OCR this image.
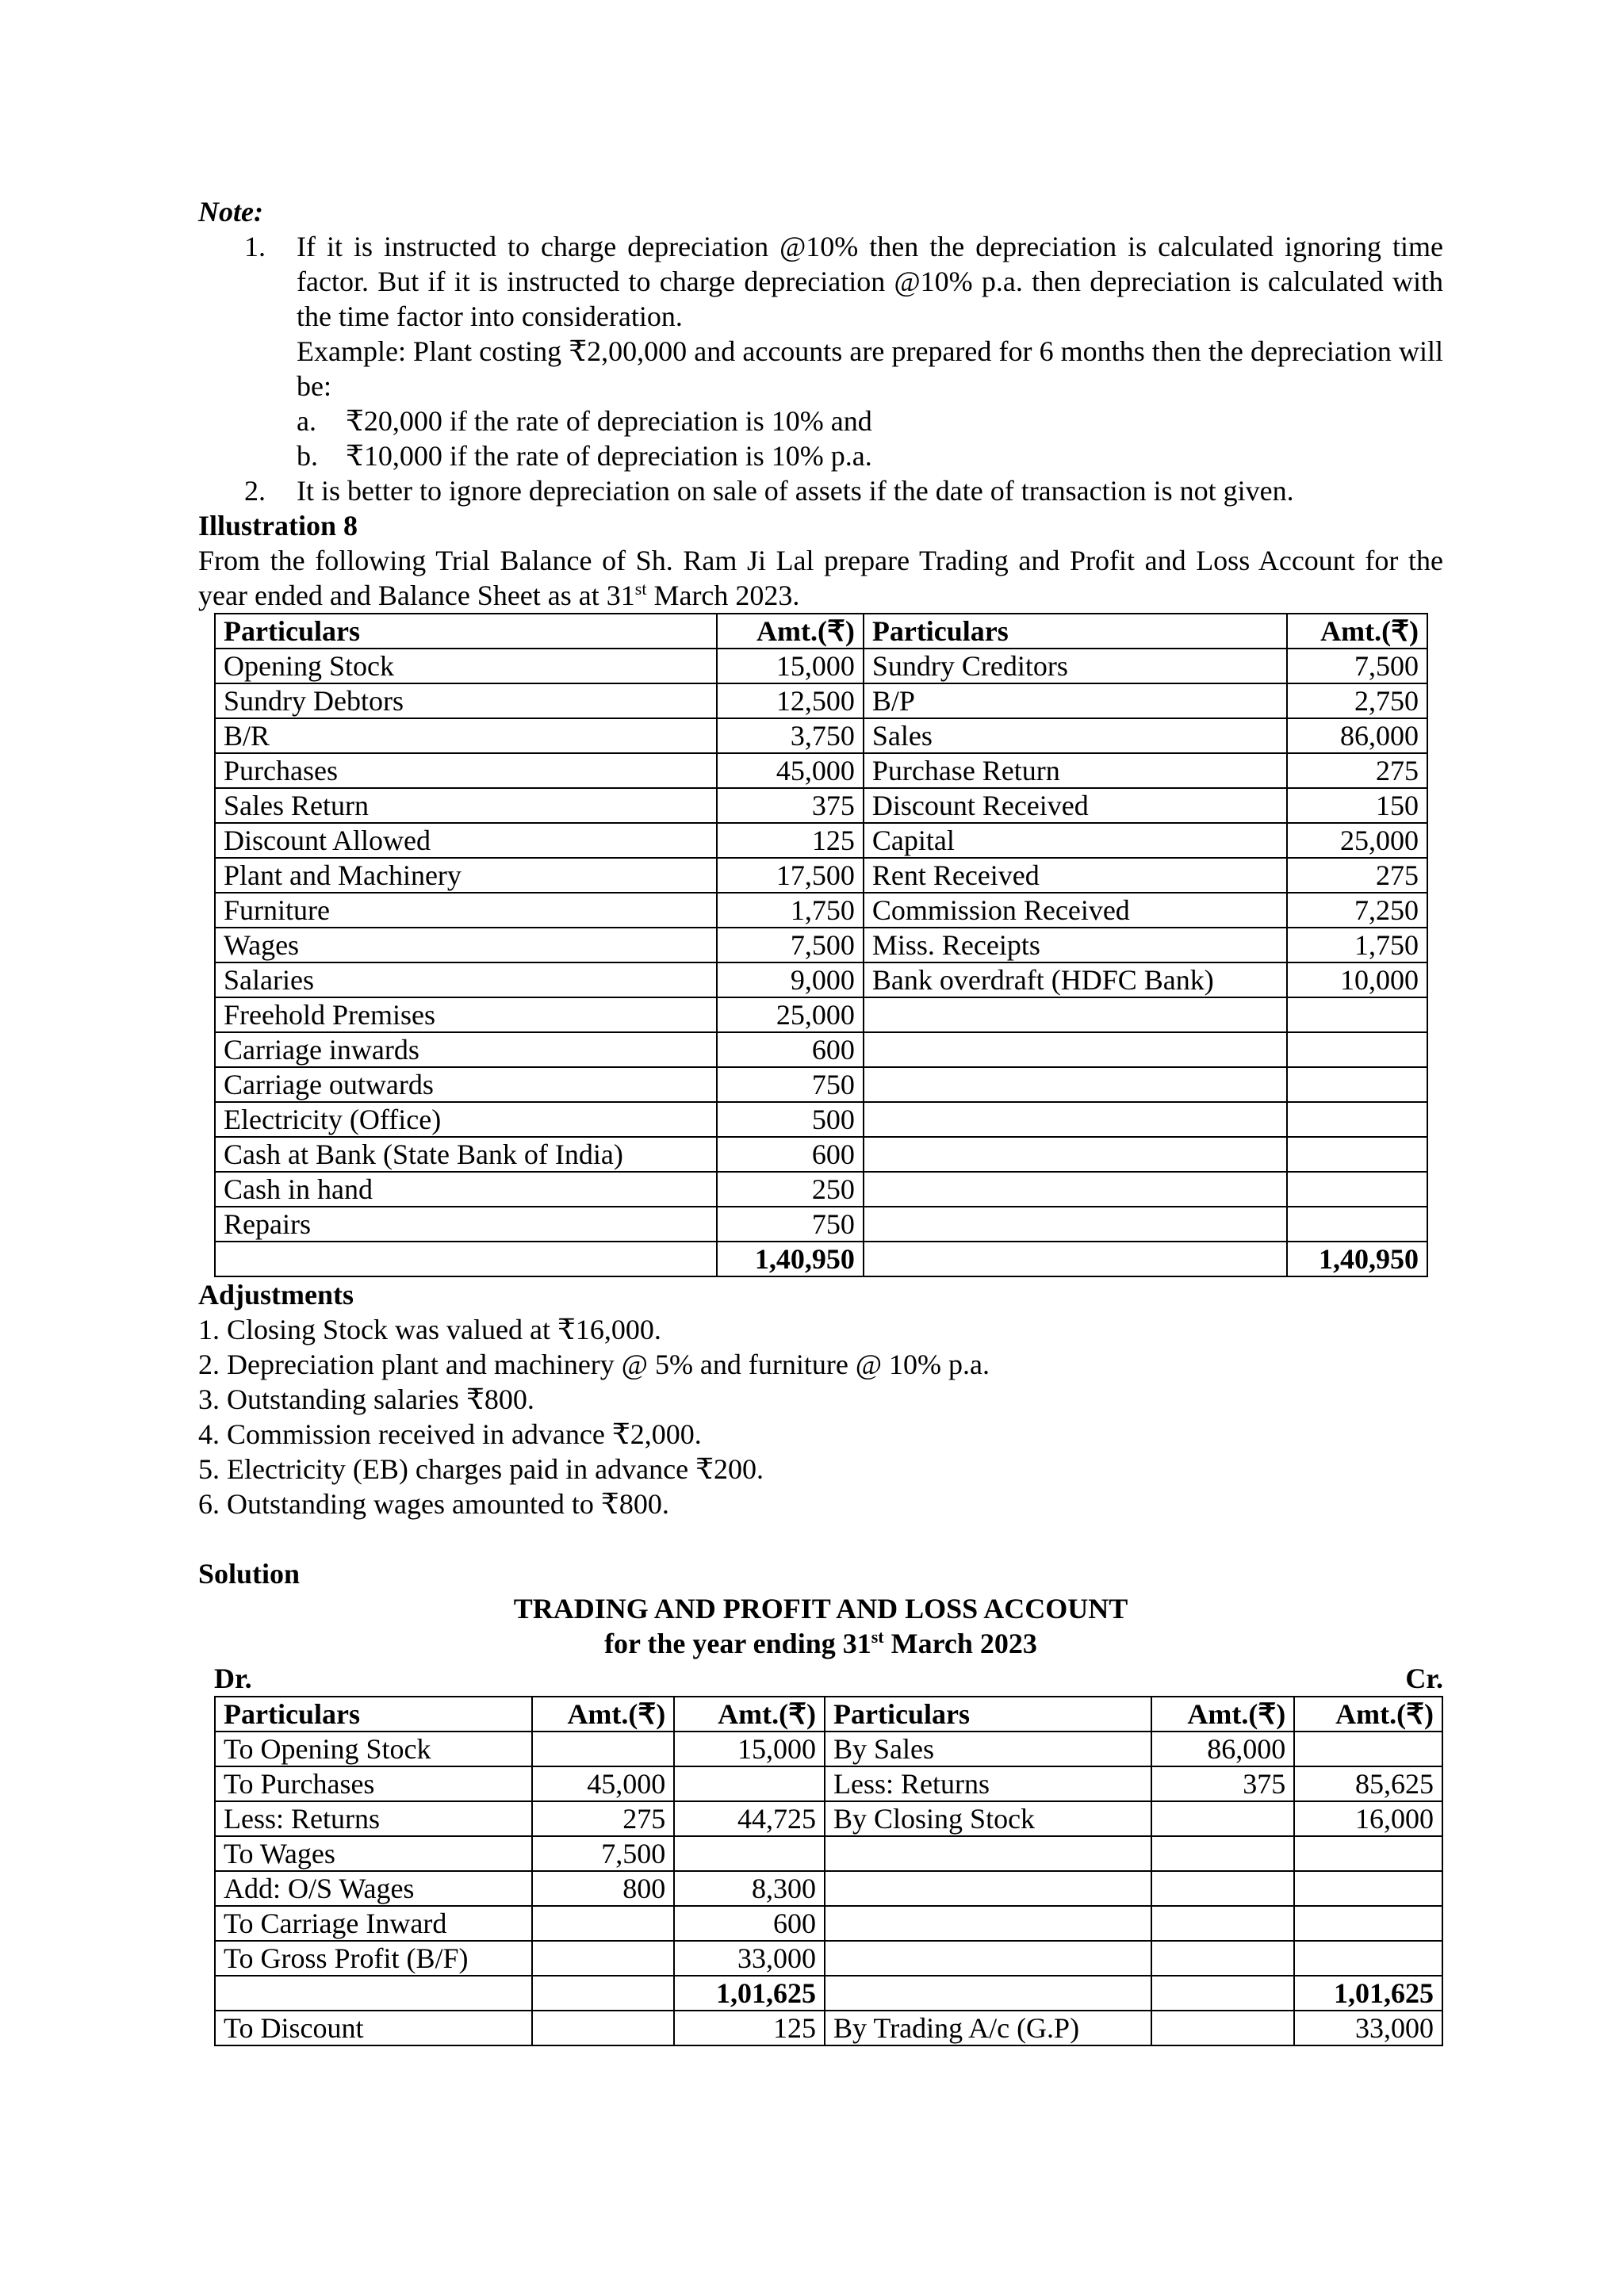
Note:
1. If it is instructed to charge depreciation @10% then the depreciation is calculated ignoring time factor. But if it is instructed to charge depreciation @10% p.a. then depreciation is calculated with the time factor into consideration.
Example: Plant costing ₹2,00,000 and accounts are prepared for 6 months then the depreciation will be:
a. ₹20,000 if the rate of depreciation is 10% and
b. ₹10,000 if the rate of depreciation is 10% p.a.
2. It is better to ignore depreciation on sale of assets if the date of transaction is not given.
Illustration 8
From the following Trial Balance of Sh. Ram Ji Lal prepare Trading and Profit and Loss Account for the year ended and Balance Sheet as at 31st March 2023.
Particulars	Amt.(₹)	Particulars	Amt.(₹)
Opening Stock	15,000	Sundry Creditors	7,500
Sundry Debtors	12,500	B/P	2,750
B/R	3,750	Sales	86,000
Purchases	45,000	Purchase Return	275
Sales Return	375	Discount Received	150
Discount Allowed	125	Capital	25,000
Plant and Machinery	17,500	Rent Received	275
Furniture	1,750	Commission Received	7,250
Wages	7,500	Miss. Receipts	1,750
Salaries	9,000	Bank overdraft (HDFC Bank)	10,000
Freehold Premises	25,000		
Carriage inwards	600		
Carriage outwards	750		
Electricity (Office)	500		
Cash at Bank (State Bank of India)	600		
Cash in hand	250		
Repairs	750		
	1,40,950		1,40,950
Adjustments
1. Closing Stock was valued at ₹16,000.
2. Depreciation plant and machinery @ 5% and furniture @ 10% p.a.
3. Outstanding salaries ₹800.
4. Commission received in advance ₹2,000.
5. Electricity (EB) charges paid in advance ₹200.
6. Outstanding wages amounted to ₹800.
Solution
TRADING AND PROFIT AND LOSS ACCOUNT
for the year ending 31st March 2023
Dr.	Cr.
Particulars	Amt.(₹)	Amt.(₹)	Particulars	Amt.(₹)	Amt.(₹)
To Opening Stock		15,000	By Sales	86,000	
To Purchases	45,000		Less: Returns	375	85,625
Less: Returns	275	44,725	By Closing Stock		16,000
To Wages	7,500				
Add: O/S Wages	800	8,300			
To Carriage Inward		600			
To Gross Profit (B/F)		33,000			
		1,01,625			1,01,625
To Discount		125	By Trading A/c (G.P)		33,000
